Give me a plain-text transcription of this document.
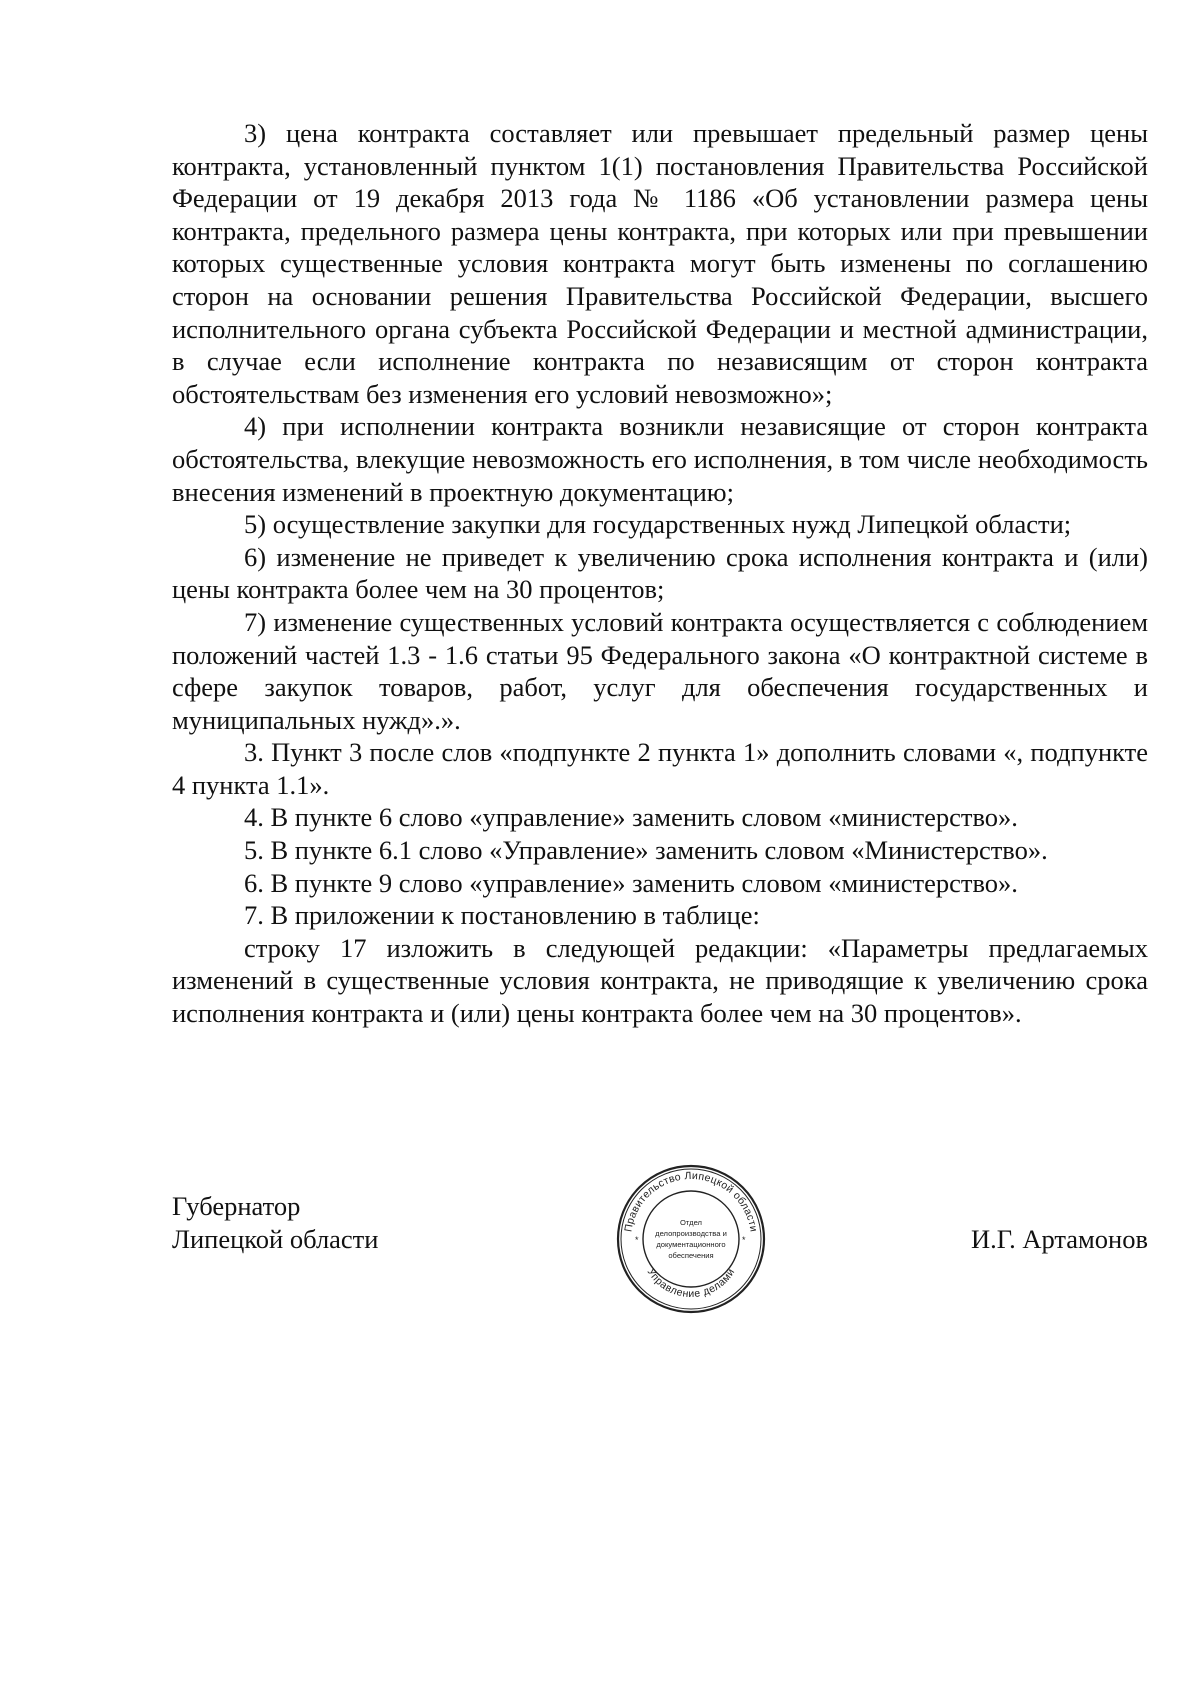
3) цена контракта составляет или превышает предельный размер цены контракта, установленный пунктом 1(1) постановления Правительства Российской Федерации от 19 декабря 2013 года № 1186 «Об установлении размера цены контракта, предельного размера цены контракта, при которых или при превышении которых существенные условия контракта могут быть изменены по соглашению сторон на основании решения Правительства Российской Федерации, высшего исполнительного органа субъекта Российской Федерации и местной администрации, в случае если исполнение контракта по независящим от сторон контракта обстоятельствам без изменения его условий невозможно»;

4) при исполнении контракта возникли независящие от сторон контракта обстоятельства, влекущие невозможность его исполнения, в том числе необходимость внесения изменений в проектную документацию;

5) осуществление закупки для государственных нужд Липецкой области;

6) изменение не приведет к увеличению срока исполнения контракта и (или) цены контракта более чем на 30 процентов;

7) изменение существенных условий контракта осуществляется с соблюдением положений частей 1.3 - 1.6 статьи 95 Федерального закона «О контрактной системе в сфере закупок товаров, работ, услуг для обеспечения государственных и муниципальных нужд».».

3. Пункт 3 после слов «подпункте 2 пункта 1» дополнить словами «, подпункте 4 пункта 1.1».

4. В пункте 6 слово «управление» заменить словом «министерство».

5. В пункте 6.1 слово «Управление» заменить словом «Министерство».

6. В пункте 9 слово «управление» заменить словом «министерство».

7. В приложении к постановлению в таблице:

строку 17 изложить в следующей редакции: «Параметры предлагаемых изменений в существенные условия контракта, не приводящие к увеличению срока исполнения контракта и (или) цены контракта более чем на 30 процентов».

Губернатор
Липецкой области	И.Г. Артамонов
Правительство Липецкой области
Управление делами
*	*
Отдел
делопроизводства и
документационного
обеспечения
